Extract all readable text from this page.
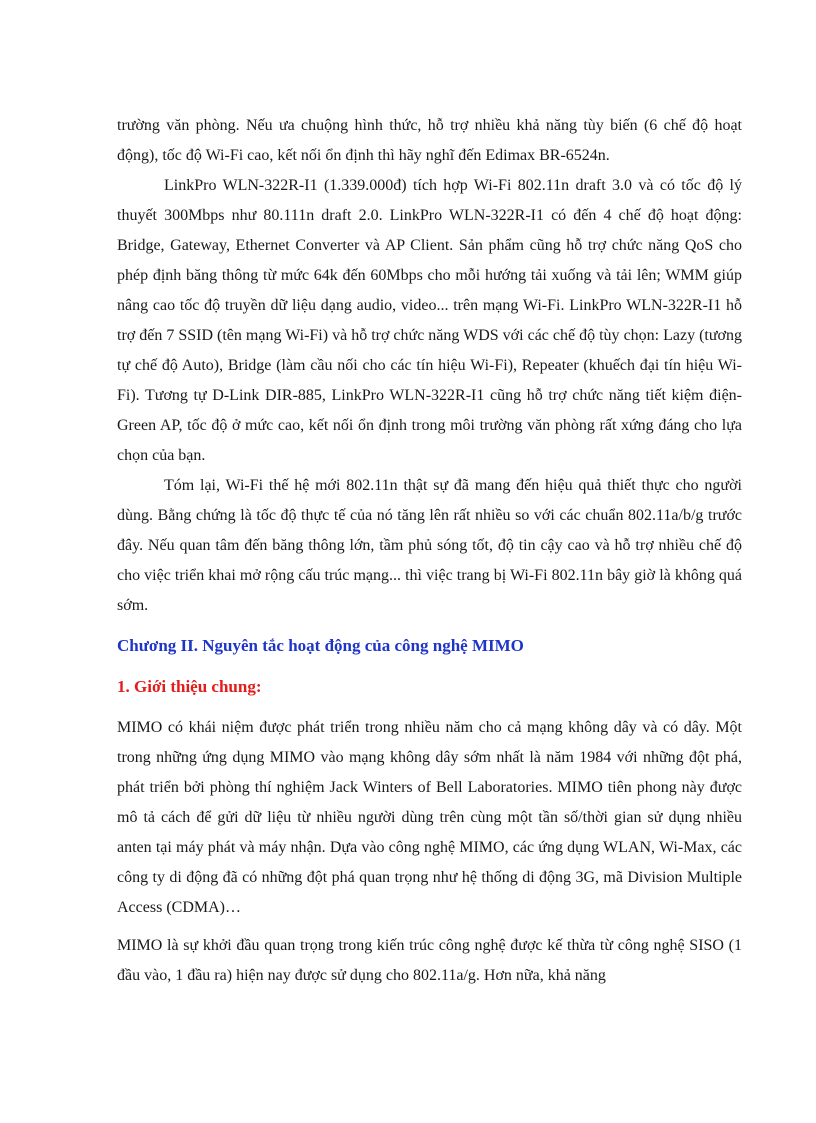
trường văn phòng. Nếu ưa chuộng hình thức, hỗ trợ nhiều khả năng tùy biến (6 chế độ hoạt động), tốc độ Wi-Fi cao, kết nối ổn định thì hãy nghĩ đến Edimax BR-6524n.

LinkPro WLN-322R-I1 (1.339.000đ) tích hợp Wi-Fi 802.11n draft 3.0 và có tốc độ lý thuyết 300Mbps như 80.111n draft 2.0. LinkPro WLN-322R-I1 có đến 4 chế độ hoạt động: Bridge, Gateway, Ethernet Converter và AP Client. Sản phẩm cũng hỗ trợ chức năng QoS cho phép định băng thông từ mức 64k đến 60Mbps cho mỗi hướng tải xuống và tải lên; WMM giúp nâng cao tốc độ truyền dữ liệu dạng audio, video... trên mạng Wi-Fi. LinkPro WLN-322R-I1 hỗ trợ đến 7 SSID (tên mạng Wi-Fi) và hỗ trợ chức năng WDS với các chế độ tùy chọn: Lazy (tương tự chế độ Auto), Bridge (làm cầu nối cho các tín hiệu Wi-Fi), Repeater (khuếch đại tín hiệu Wi-Fi). Tương tự D-Link DIR-885, LinkPro WLN-322R-I1 cũng hỗ trợ chức năng tiết kiệm điện- Green AP, tốc độ ở mức cao, kết nối ổn định trong môi trường văn phòng rất xứng đáng cho lựa chọn của bạn.

Tóm lại, Wi-Fi thế hệ mới 802.11n thật sự đã mang đến hiệu quả thiết thực cho người dùng. Bằng chứng là tốc độ thực tế của nó tăng lên rất nhiều so với các chuẩn 802.11a/b/g trước đây. Nếu quan tâm đến băng thông lớn, tầm phủ sóng tốt, độ tin cậy cao và hỗ trợ nhiều chế độ cho việc triển khai mở rộng cấu trúc mạng... thì việc trang bị Wi-Fi 802.11n bây giờ là không quá sớm.

Chương II. Nguyên tắc hoạt động của công nghệ MIMO
1. Giới thiệu chung:

MIMO có khái niệm được phát triển trong nhiều năm cho cả mạng không dây và có dây. Một trong những ứng dụng MIMO vào mạng không dây sớm nhất là năm 1984 với những đột phá, phát triển bởi phòng thí nghiệm Jack Winters of Bell Laboratories. MIMO tiên phong này được mô tả cách để gửi dữ liệu từ nhiều người dùng trên cùng một tần số/thời gian sử dụng nhiều anten tại máy phát và máy nhận. Dựa vào công nghệ MIMO, các ứng dụng WLAN, Wi-Max, các công ty di động đã có những đột phá quan trọng như hệ thống di động 3G, mã Division Multiple Access (CDMA)…

MIMO là sự khởi đầu quan trọng trong kiến trúc công nghệ được kế thừa từ công nghệ SISO (1 đầu vào, 1 đầu ra) hiện nay được sử dụng cho 802.11a/g. Hơn nữa, khả năng
